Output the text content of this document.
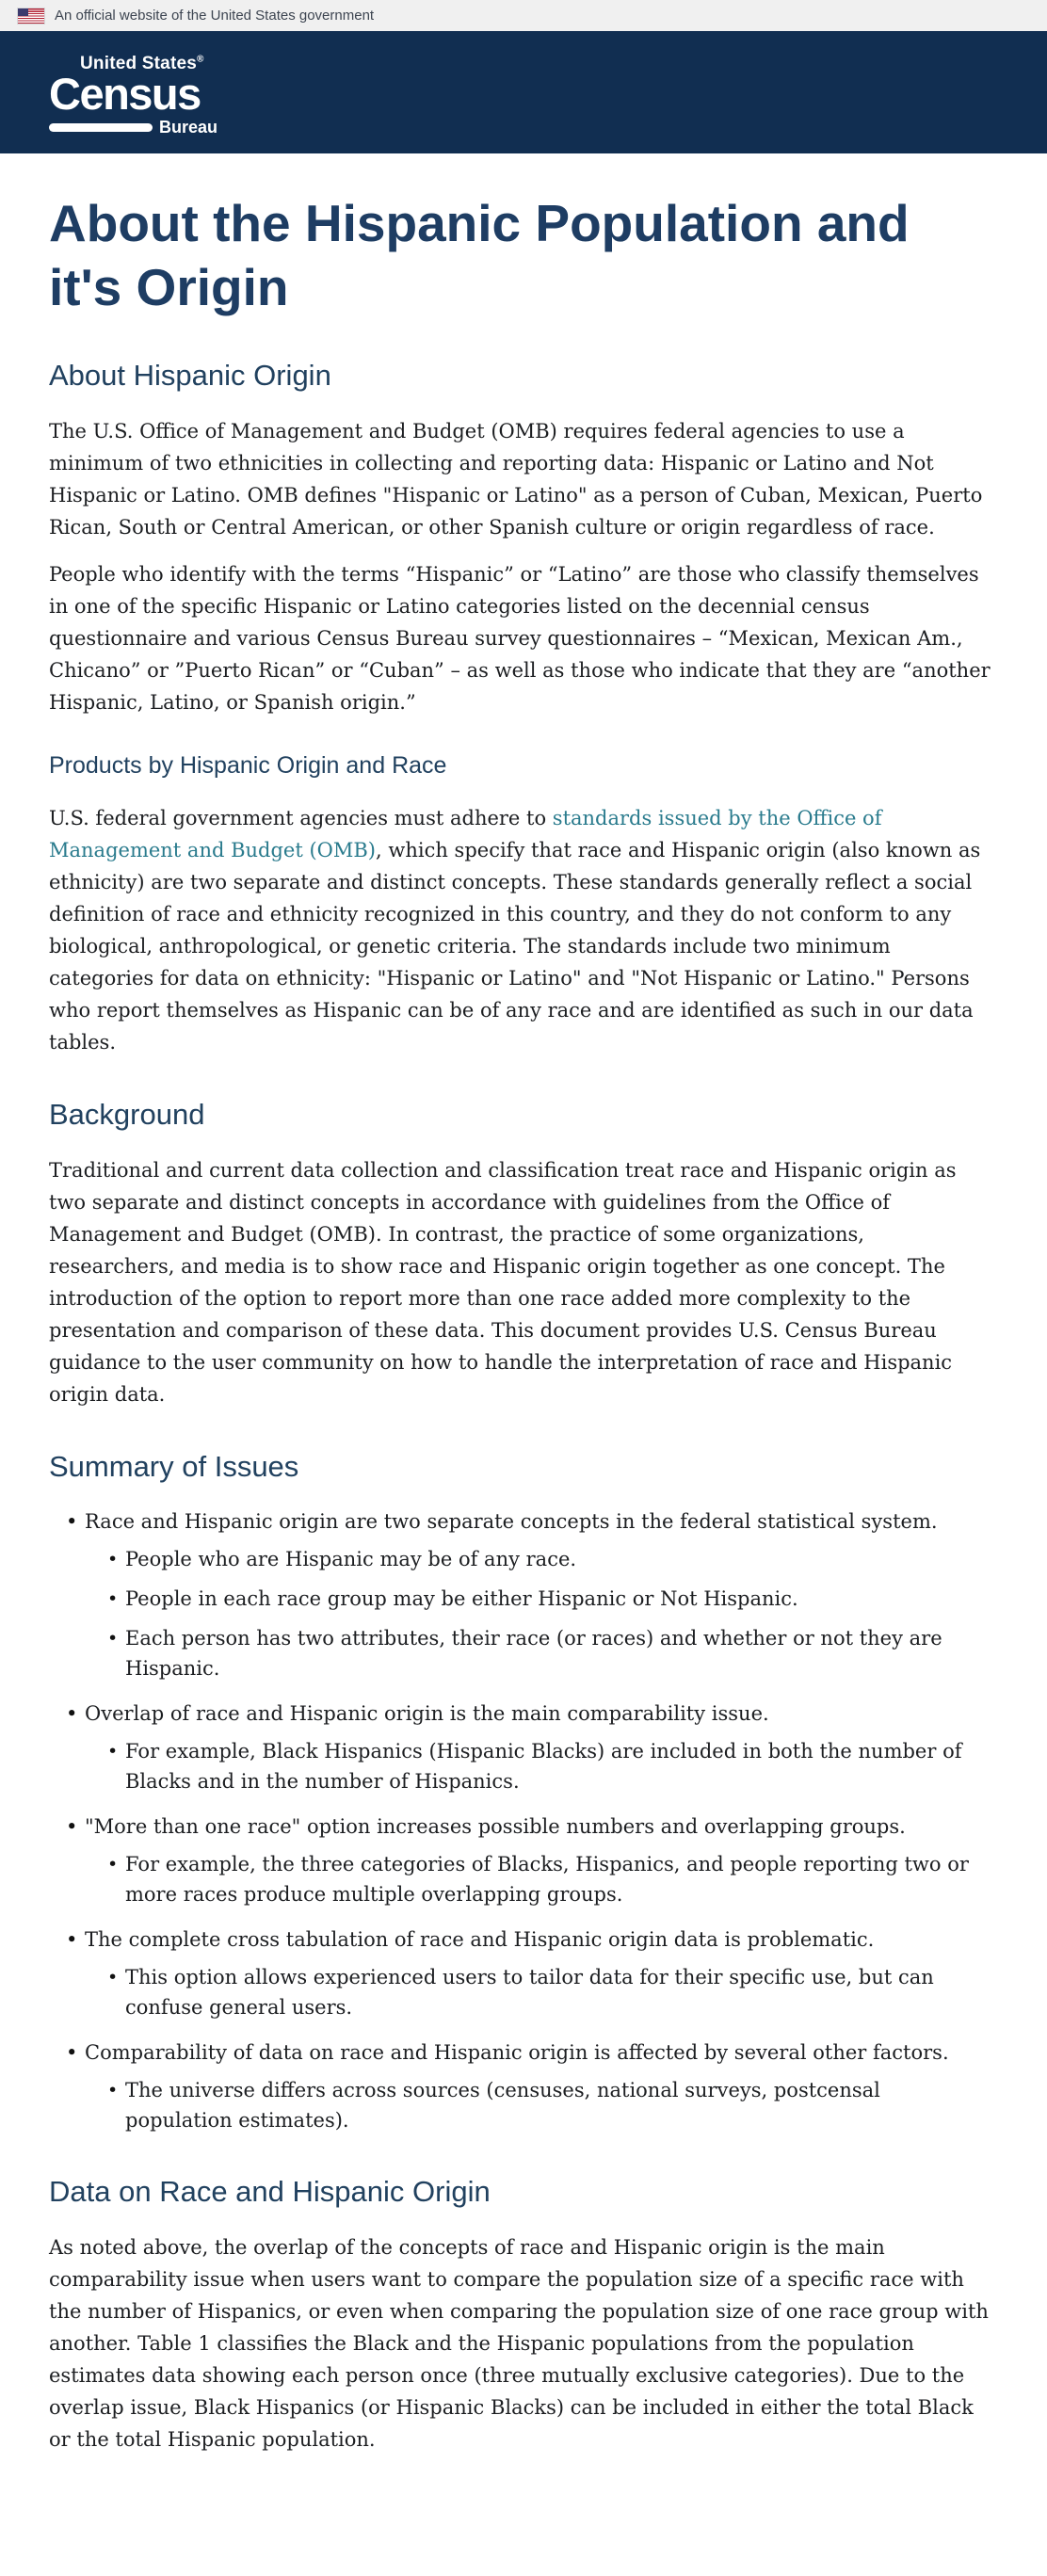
An official website of the United States government
United States®
Census
Bureau
About the Hispanic Population and it's Origin
About Hispanic Origin

The U.S. Office of Management and Budget (OMB) requires federal agencies to use a minimum of two ethnicities in collecting and reporting data: Hispanic or Latino and Not Hispanic or Latino. OMB defines "Hispanic or Latino" as a person of Cuban, Mexican, Puerto Rican, South or Central American, or other Spanish culture or origin regardless of race.

People who identify with the terms “Hispanic” or “Latino” are those who classify themselves in one of the specific Hispanic or Latino categories listed on the decennial census questionnaire and various Census Bureau survey questionnaires – “Mexican, Mexican Am., Chicano” or ”Puerto Rican” or “Cuban” – as well as those who indicate that they are “another Hispanic, Latino, or Spanish origin.”

Products by Hispanic Origin and Race

U.S. federal government agencies must adhere to standards issued by the Office of Management and Budget (OMB), which specify that race and Hispanic origin (also known as ethnicity) are two separate and distinct concepts. These standards generally reflect a social definition of race and ethnicity recognized in this country, and they do not conform to any biological, anthropological, or genetic criteria. The standards include two minimum categories for data on ethnicity: "Hispanic or Latino" and "Not Hispanic or Latino." Persons who report themselves as Hispanic can be of any race and are identified as such in our data tables.

Background

Traditional and current data collection and classification treat race and Hispanic origin as two separate and distinct concepts in accordance with guidelines from the Office of Management and Budget (OMB). In contrast, the practice of some organizations, researchers, and media is to show race and Hispanic origin together as one concept. The introduction of the option to report more than one race added more complexity to the presentation and comparison of these data. This document provides U.S. Census Bureau guidance to the user community on how to handle the interpretation of race and Hispanic origin data.

Summary of Issues
• Race and Hispanic origin are two separate concepts in the federal statistical system.
• People who are Hispanic may be of any race.
• People in each race group may be either Hispanic or Not Hispanic.
• Each person has two attributes, their race (or races) and whether or not they are Hispanic.
• Overlap of race and Hispanic origin is the main comparability issue.
• For example, Black Hispanics (Hispanic Blacks) are included in both the number of Blacks and in the number of Hispanics.
• "More than one race" option increases possible numbers and overlapping groups.
• For example, the three categories of Blacks, Hispanics, and people reporting two or more races produce multiple overlapping groups.
• The complete cross tabulation of race and Hispanic origin data is problematic.
• This option allows experienced users to tailor data for their specific use, but can confuse general users.
• Comparability of data on race and Hispanic origin is affected by several other factors.
• The universe differs across sources (censuses, national surveys, postcensal population estimates).
Data on Race and Hispanic Origin

As noted above, the overlap of the concepts of race and Hispanic origin is the main comparability issue when users want to compare the population size of a specific race with the number of Hispanics, or even when comparing the population size of one race group with another. Table 1 classifies the Black and the Hispanic populations from the population estimates data showing each person once (three mutually exclusive categories). Due to the overlap issue, Black Hispanics (or Hispanic Blacks) can be included in either the total Black or the total Hispanic population.
